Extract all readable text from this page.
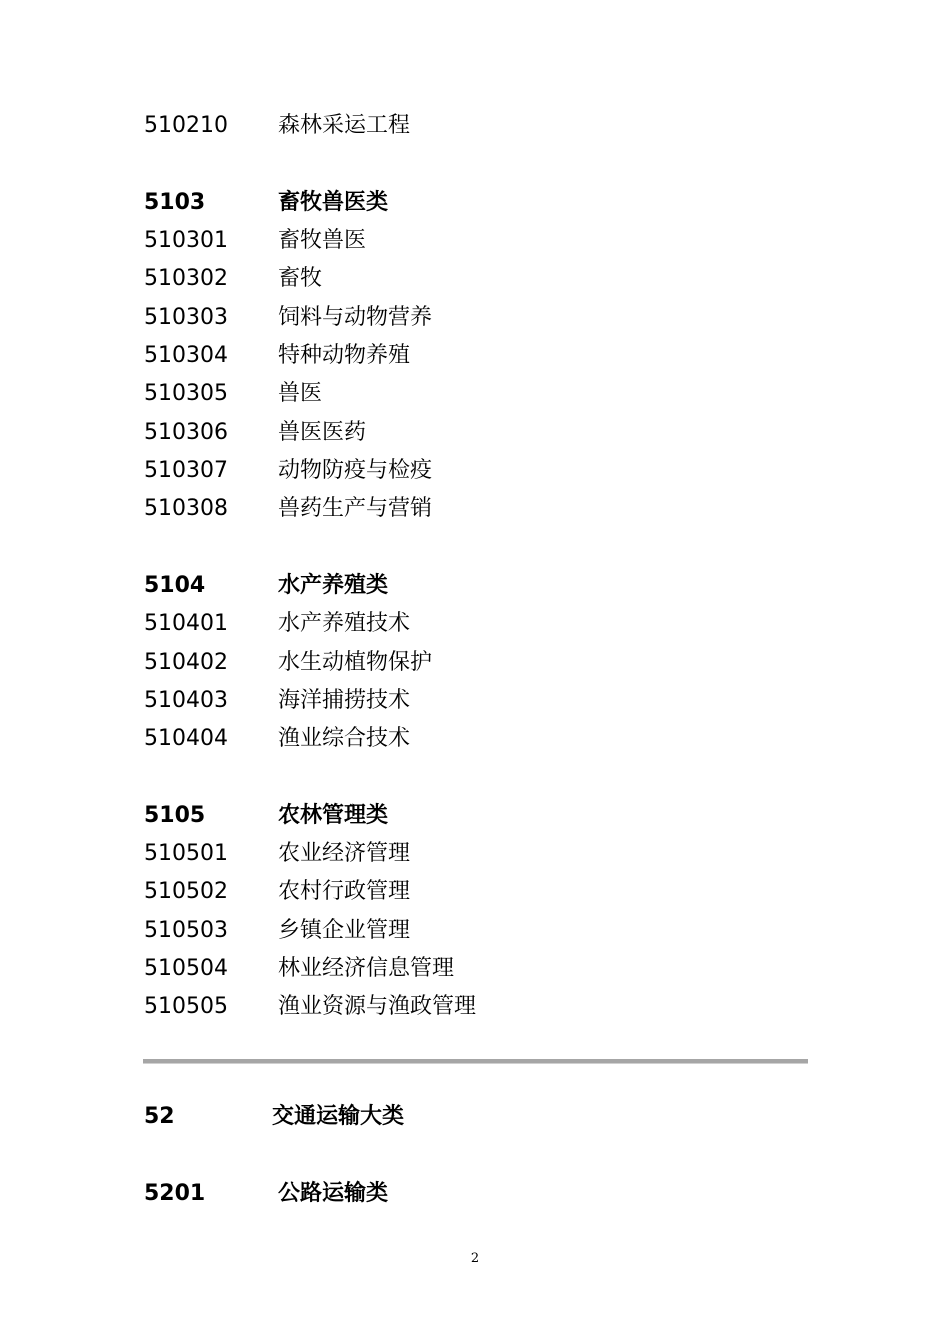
510210 森林采运工程
5103	畜牧兽医类
510301 畜牧兽医
510302 畜牧
510303 饲料与动物营养
510304 特种动物养殖
510305 兽医
510306 兽医医药
510307 动物防疫与检疫
510308 兽药生产与营销
5104	水产养殖类
510401 水产养殖技术
510402 水生动植物保护
510403 海洋捕捞技术
510404 渔业综合技术
5105	农林管理类
510501 农业经济管理
510502 农村行政管理
510503 乡镇企业管理
510504 林业经济信息管理
510505 渔业资源与渔政管理
52	交通运输大类
5201	公路运输类
2
